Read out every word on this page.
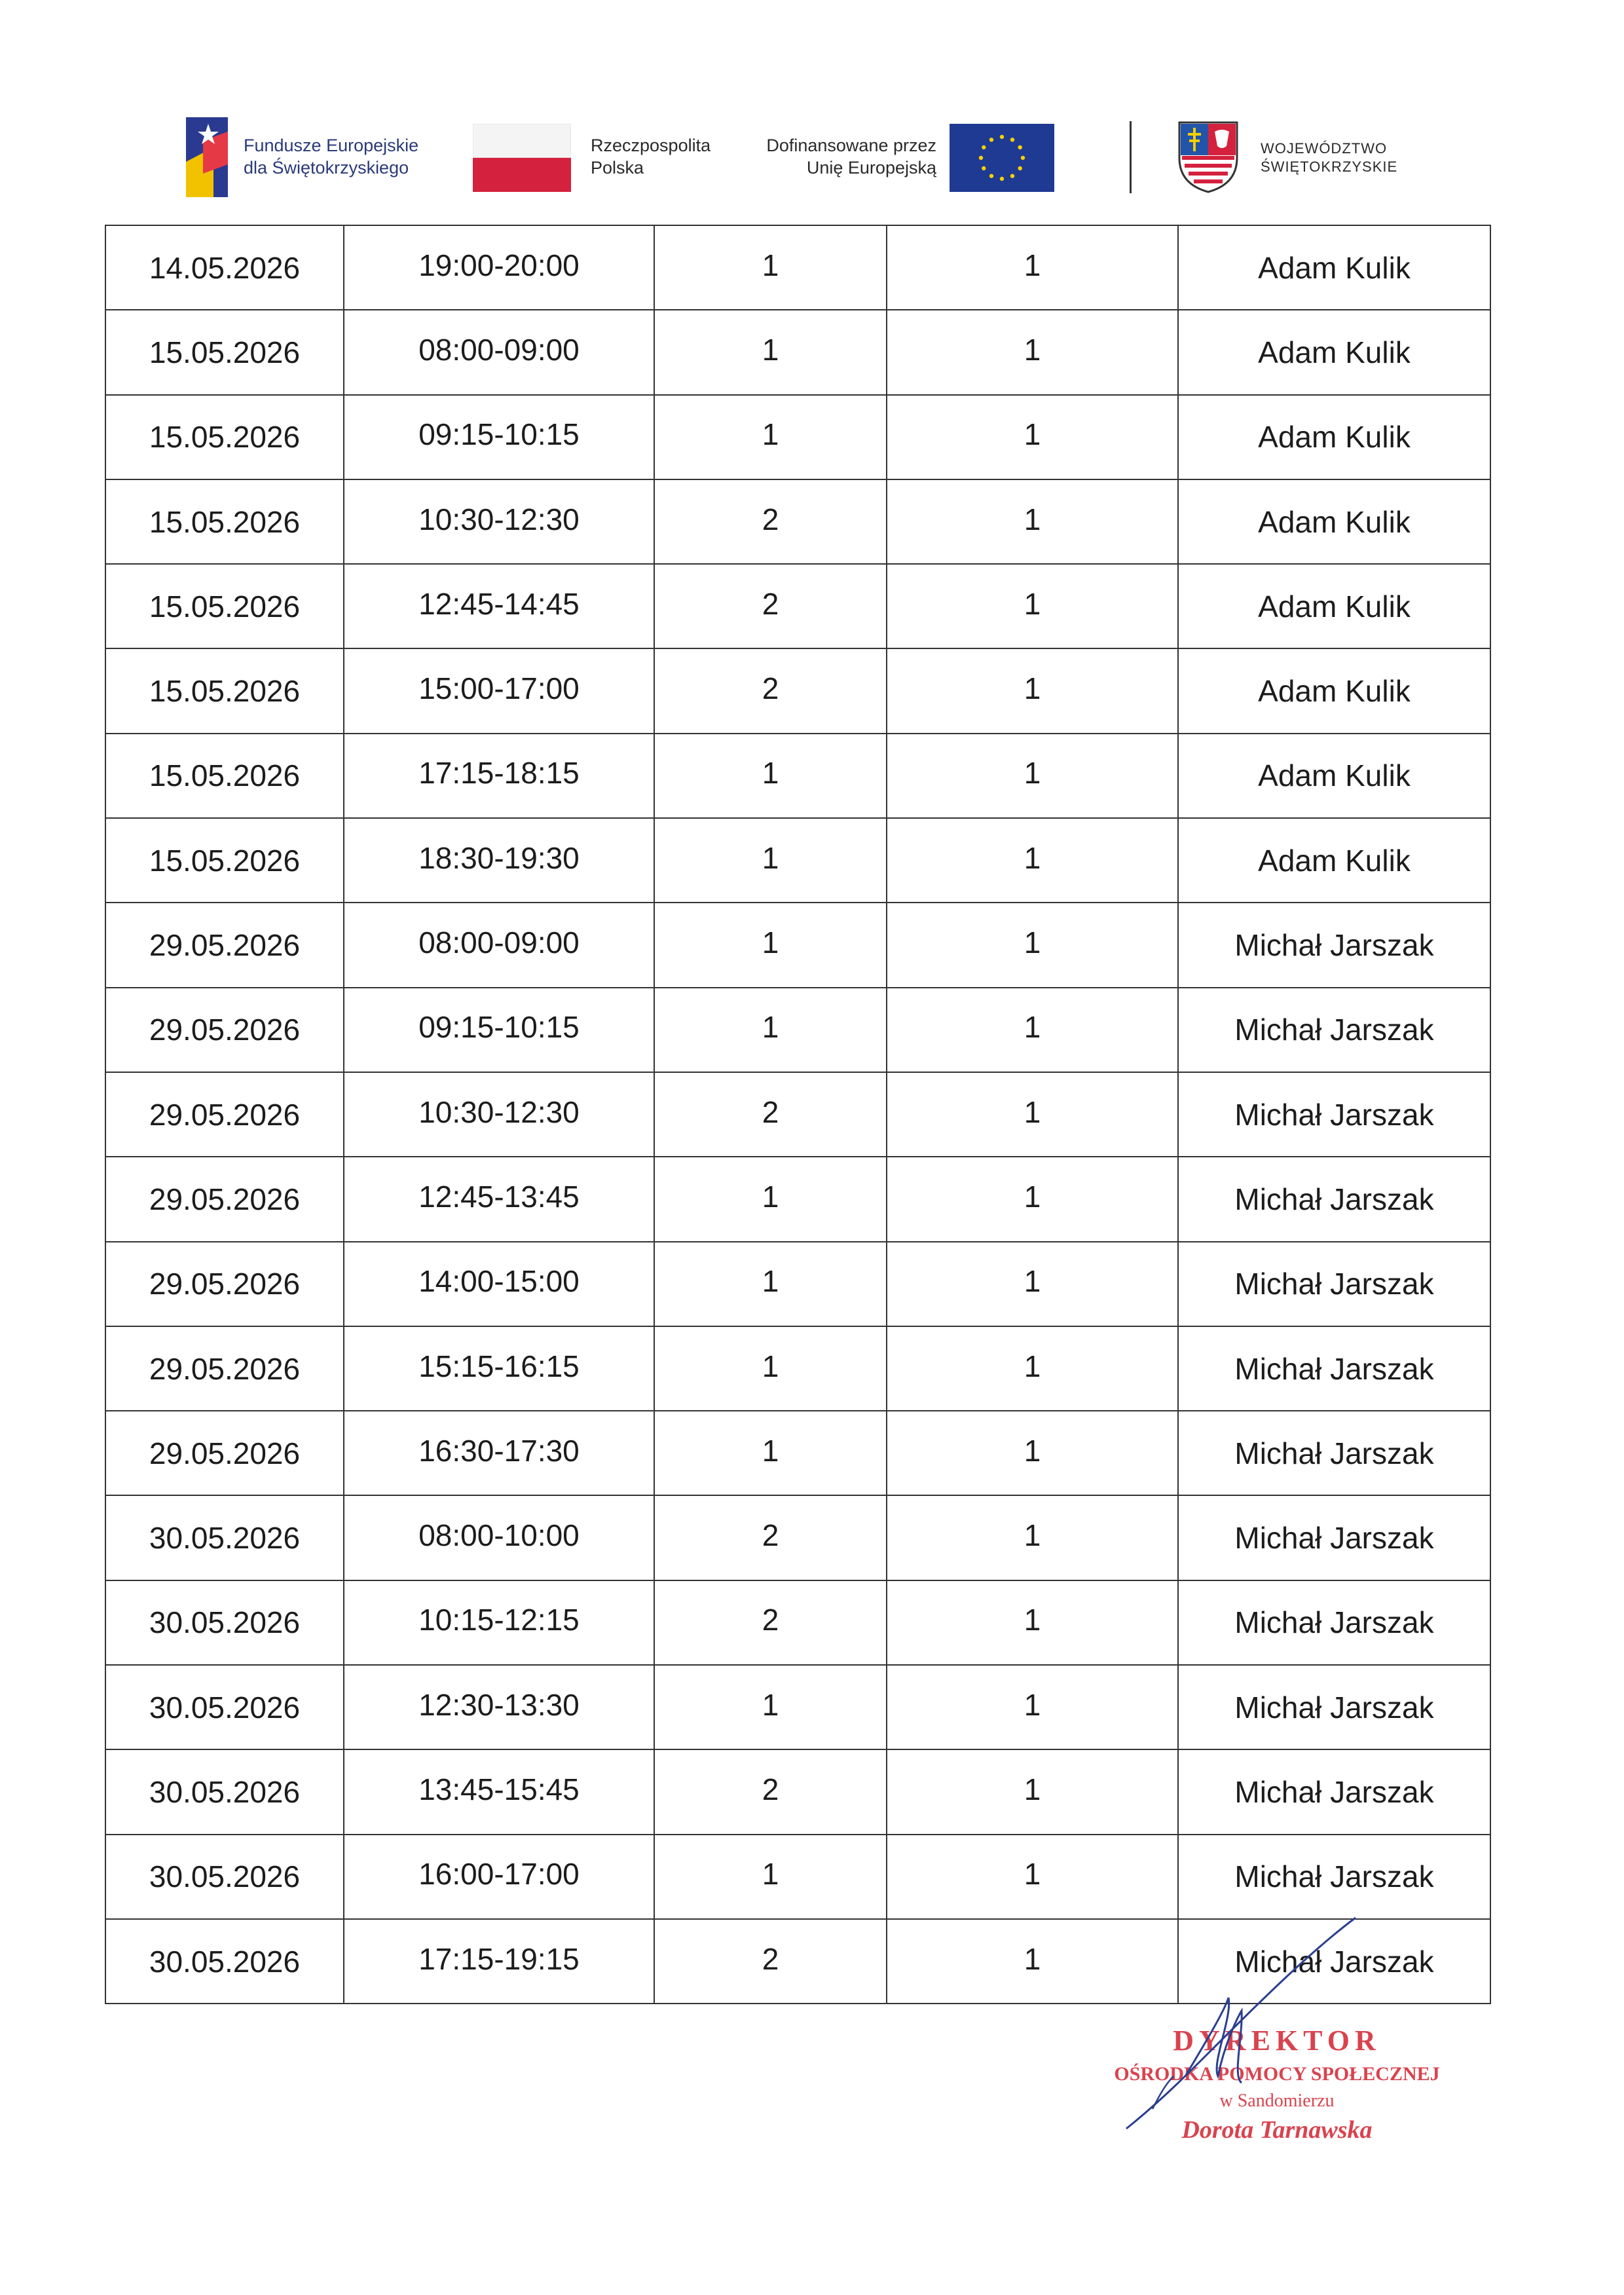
Fundusze Europejskie
dla Świętokrzyskiego
Rzeczpospolita
Polska
Dofinansowane przez
Unię Europejską
WOJEWÓDZTWO
ŚWIĘTOKRZYSKIE
14.05.2026	19:00-20:00	1	1	Adam Kulik
15.05.2026	08:00-09:00	1	1	Adam Kulik
15.05.2026	09:15-10:15	1	1	Adam Kulik
15.05.2026	10:30-12:30	2	1	Adam Kulik
15.05.2026	12:45-14:45	2	1	Adam Kulik
15.05.2026	15:00-17:00	2	1	Adam Kulik
15.05.2026	17:15-18:15	1	1	Adam Kulik
15.05.2026	18:30-19:30	1	1	Adam Kulik
29.05.2026	08:00-09:00	1	1	Michał Jarszak
29.05.2026	09:15-10:15	1	1	Michał Jarszak
29.05.2026	10:30-12:30	2	1	Michał Jarszak
29.05.2026	12:45-13:45	1	1	Michał Jarszak
29.05.2026	14:00-15:00	1	1	Michał Jarszak
29.05.2026	15:15-16:15	1	1	Michał Jarszak
29.05.2026	16:30-17:30	1	1	Michał Jarszak
30.05.2026	08:00-10:00	2	1	Michał Jarszak
30.05.2026	10:15-12:15	2	1	Michał Jarszak
30.05.2026	12:30-13:30	1	1	Michał Jarszak
30.05.2026	13:45-15:45	2	1	Michał Jarszak
30.05.2026	16:00-17:00	1	1	Michał Jarszak
30.05.2026	17:15-19:15	2	1	Michał Jarszak
DYREKTOR
OŚRODKA POMOCY SPOŁECZNEJ
w Sandomierzu
Dorota Tarnawska
